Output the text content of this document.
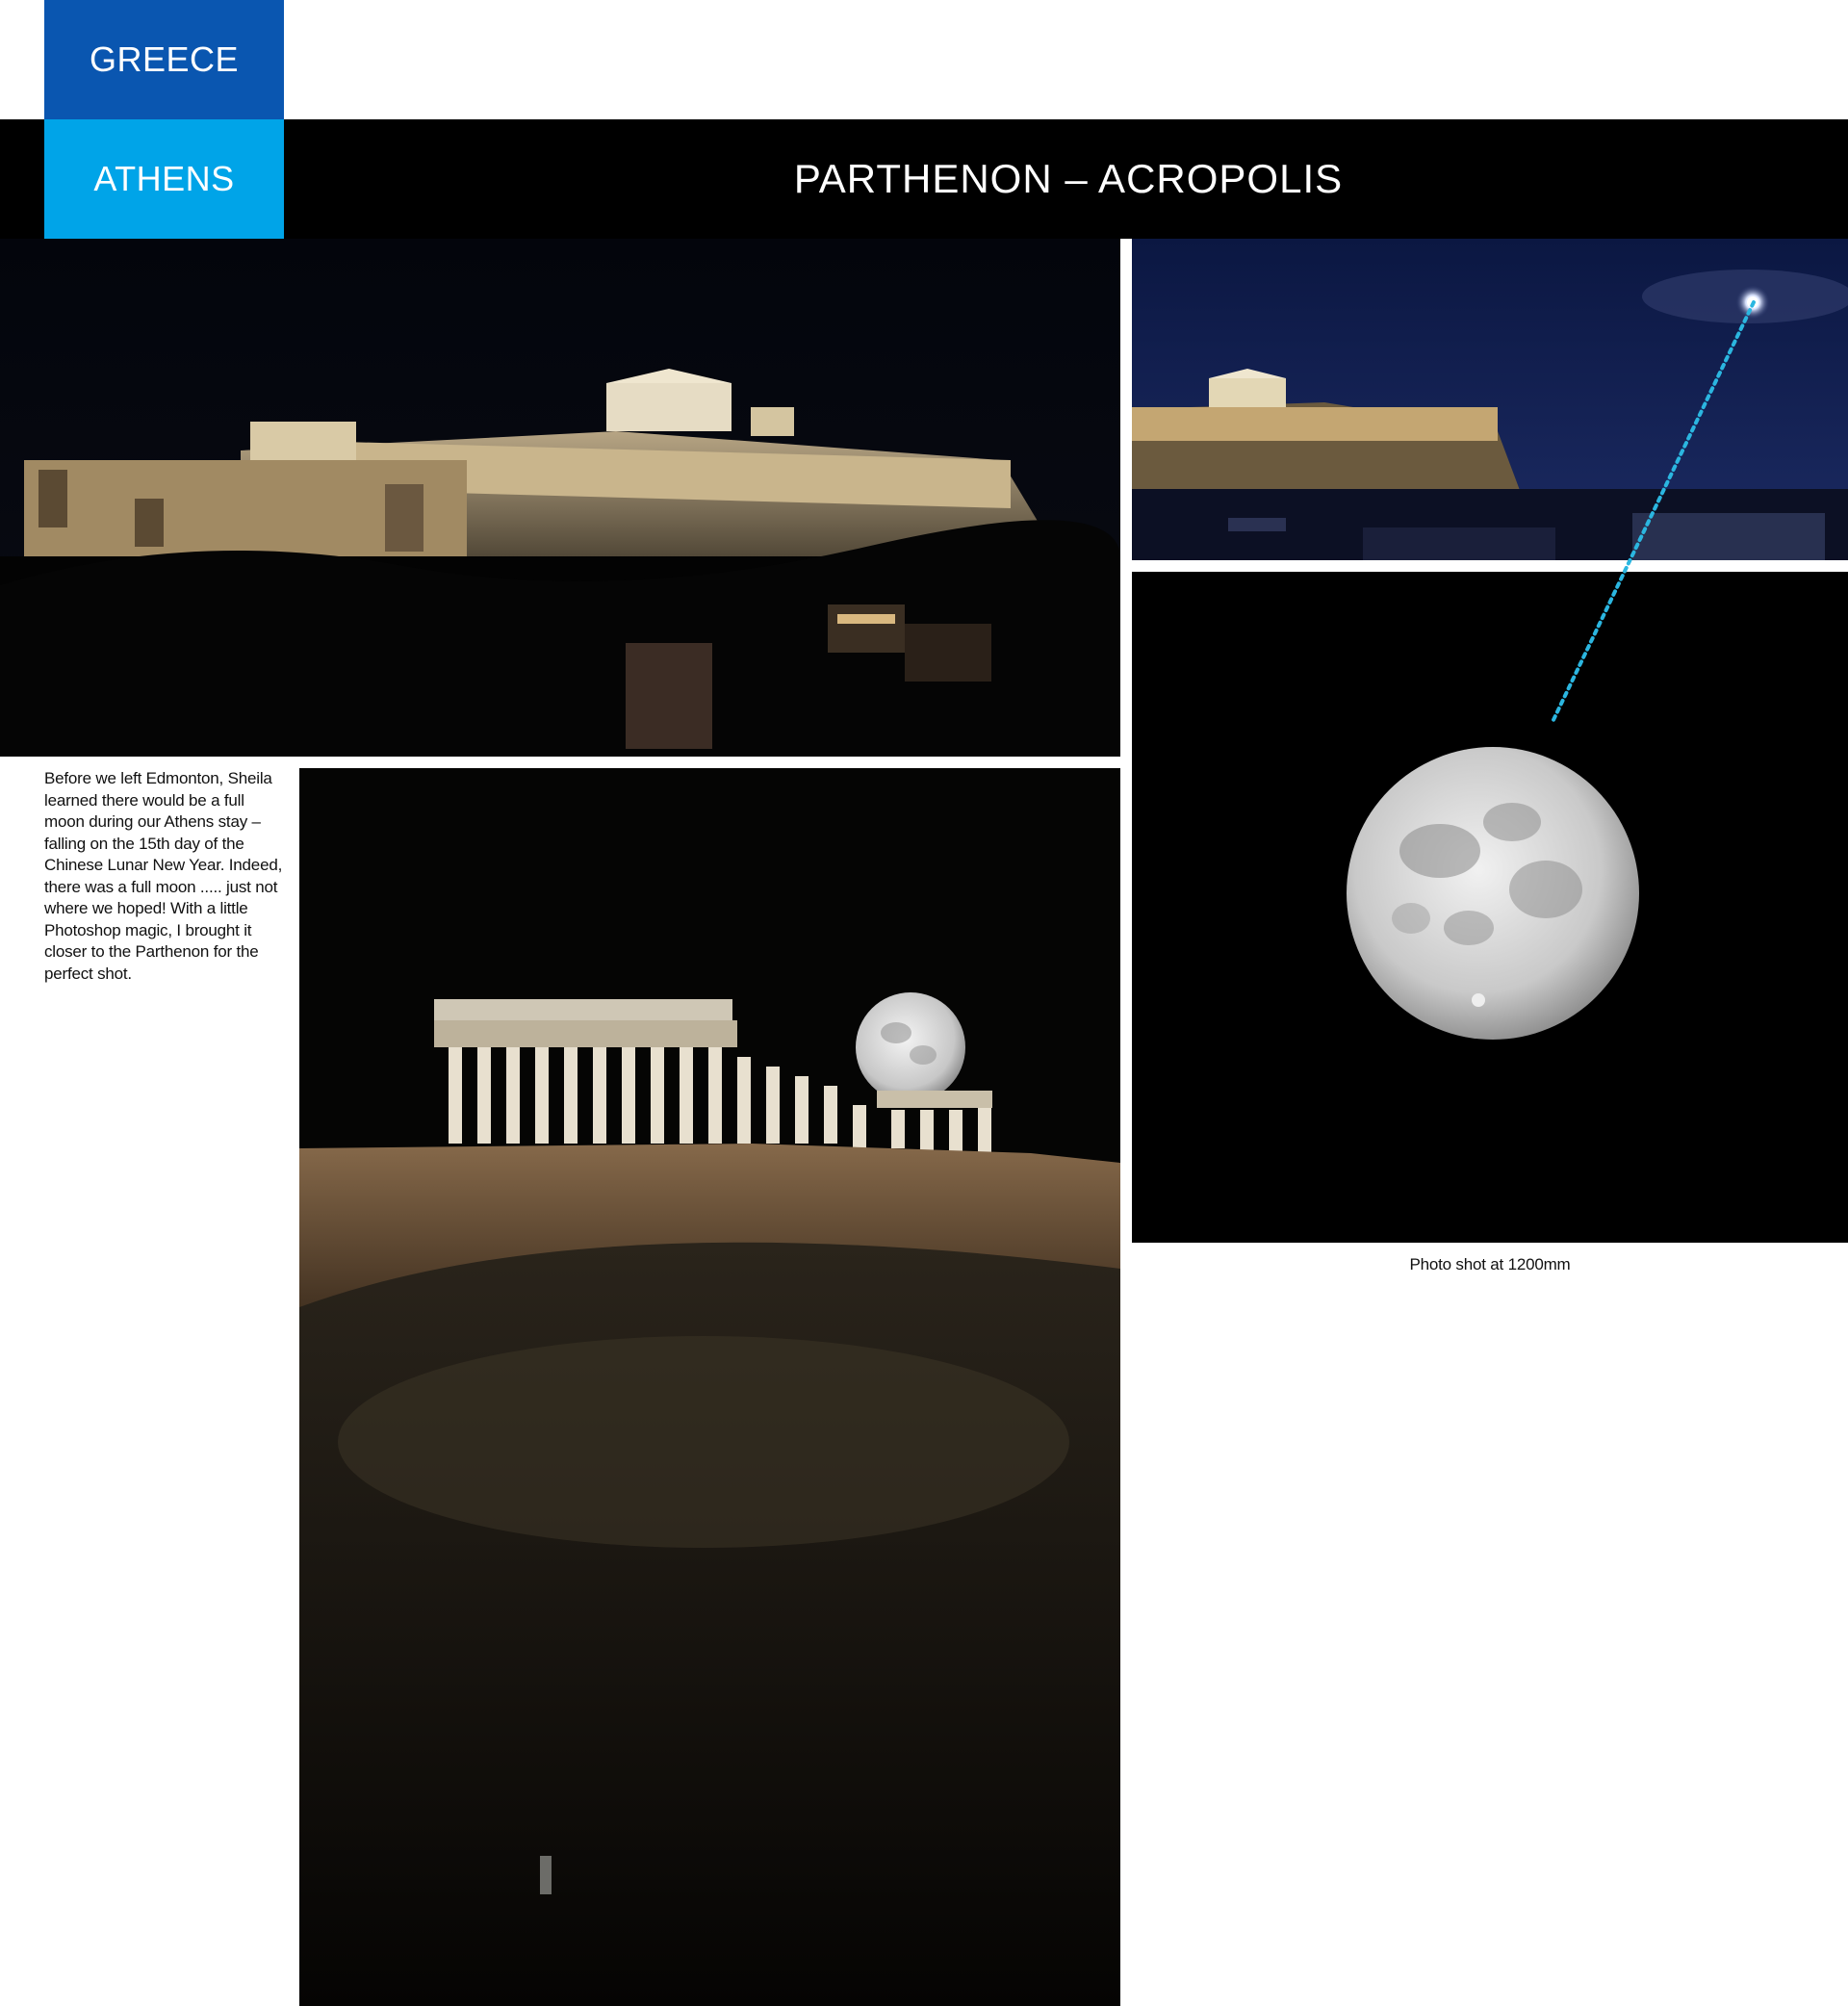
GREECE
ATHENS	PARTHENON – ACROPOLIS
Before we left Edmonton, Sheila learned there would be a full moon during our Athens stay – falling on the 15th day of the Chinese Lunar New Year. Indeed, there was a full moon ..... just not where we hoped! With a little Photoshop magic, I brought it closer to the Parthenon for the perfect shot.
Photo shot at 1200mm
